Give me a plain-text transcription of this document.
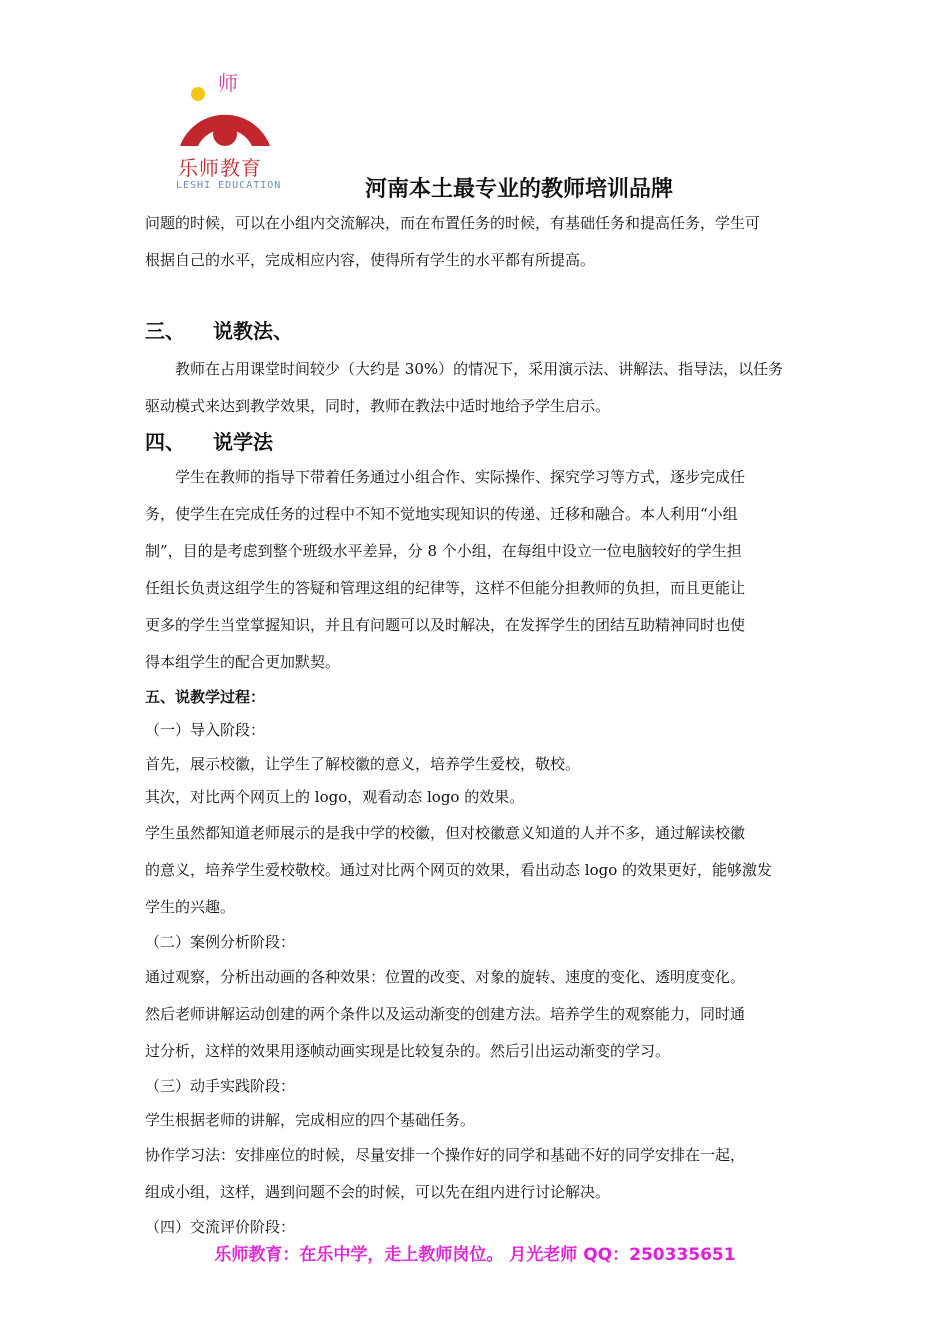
师
乐师教育
LESHI EDUCATION	河南本土最专业的教师培训品牌

问题的时候，可以在小组内交流解决，而在布置任务的时候，有基础任务和提高任务，学生可

根据自己的水平，完成相应内容，使得所有学生的水平都有所提高。

三、 说教法、

教师在占用课堂时间较少（大约是 30%）的情况下，采用演示法、讲解法、指导法，以任务

驱动模式来达到教学效果，同时，教师在教法中适时地给予学生启示。

四、 说学法

学生在教师的指导下带着任务通过小组合作、实际操作、探究学习等方式，逐步完成任

务，使学生在完成任务的过程中不知不觉地实现知识的传递、迁移和融合。本人利用“小组

制”，目的是考虑到整个班级水平差异，分 8 个小组，在每组中设立一位电脑较好的学生担

任组长负责这组学生的答疑和管理这组的纪律等，这样不但能分担教师的负担，而且更能让

更多的学生当堂掌握知识，并且有问题可以及时解决，在发挥学生的团结互助精神同时也使

得本组学生的配合更加默契。

五、说教学过程：

（一）导入阶段：

首先，展示校徽，让学生了解校徽的意义，培养学生爱校，敬校。

其次，对比两个网页上的 logo，观看动态 logo 的效果。

学生虽然都知道老师展示的是我中学的校徽，但对校徽意义知道的人并不多，通过解读校徽

的意义，培养学生爱校敬校。通过对比两个网页的效果，看出动态 logo 的效果更好，能够激发

学生的兴趣。

（二）案例分析阶段：

通过观察，分析出动画的各种效果：位置的改变、对象的旋转、速度的变化、透明度变化。

然后老师讲解运动创建的两个条件以及运动渐变的创建方法。培养学生的观察能力，同时通

过分析，这样的效果用逐帧动画实现是比较复杂的。然后引出运动渐变的学习。

（三）动手实践阶段：

学生根据老师的讲解，完成相应的四个基础任务。

协作学习法：安排座位的时候，尽量安排一个操作好的同学和基础不好的同学安排在一起，

组成小组，这样，遇到问题不会的时候，可以先在组内进行讨论解决。

（四）交流评价阶段：

乐师教育：在乐中学，走上教师岗位。 月光老师 QQ：250335651
